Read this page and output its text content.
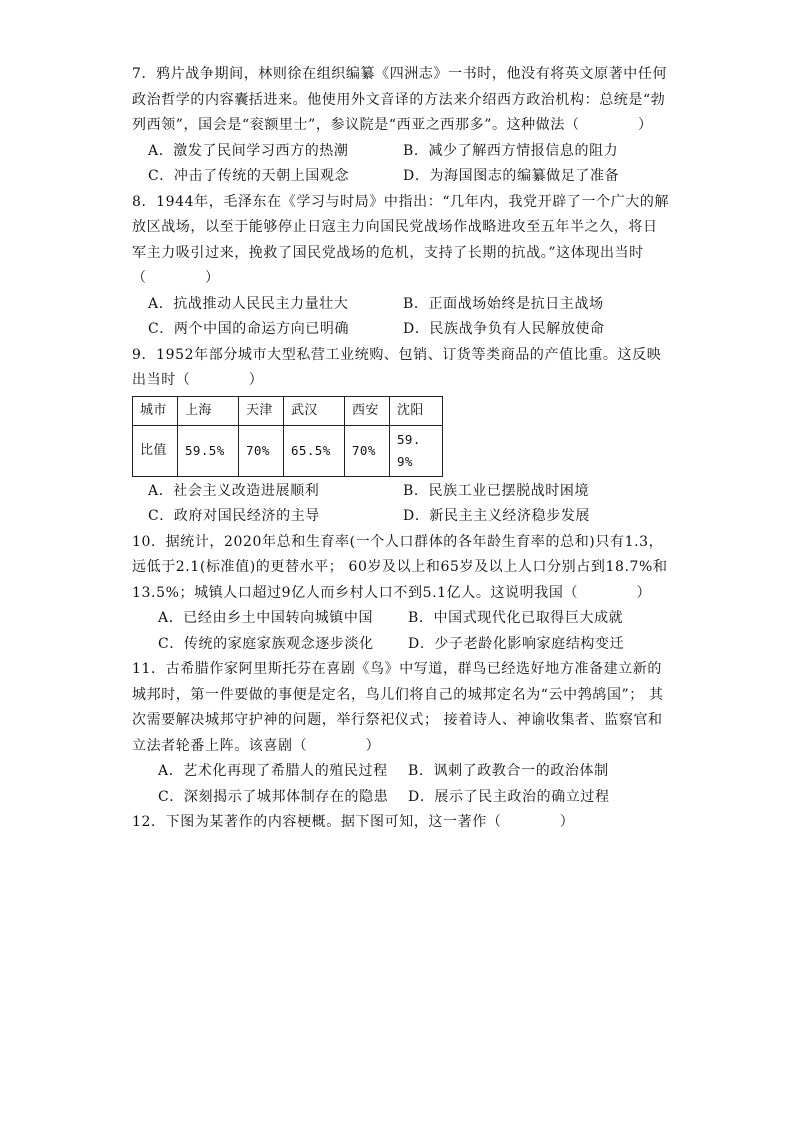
7．鸦片战争期间，林则徐在组织编纂《四洲志》一书时，他没有将英文原著中任何政治哲学的内容囊括进来。他使用外文音译的方法来介绍西方政治机构：总统是“勃列西领”，国会是“衮额里士”，参议院是“西亚之西那多”。这种做法（　　　　）

A．激发了民间学习西方的热潮	B．减少了解西方情报信息的阻力
C．冲击了传统的天朝上国观念	D．为海国图志的编纂做足了准备

8．1944年，毛泽东在《学习与时局》中指出：“几年内，我党开辟了一个广大的解放区战场，以至于能够停止日寇主力向国民党战场作战略进攻至五年半之久，将日军主力吸引过来，挽救了国民党战场的危机，支持了长期的抗战。”这体现出当时（　　　　）

A．抗战推动人民民主力量壮大	B．正面战场始终是抗日主战场
C．两个中国的命运方向已明确	D．民族战争负有人民解放使命

9．1952年部分城市大型私营工业统购、包销、订货等类商品的产值比重。这反映出当时（　　　　）

城市	上海	天津	武汉	西安	沈阳
比值	59.5%	70%	65.5%	70%	59.9%
A．社会主义改造进展顺利	B．民族工业已摆脱战时困境
C．政府对国民经济的主导	D．新民主主义经济稳步发展

10．据统计，2020年总和生育率(一个人口群体的各年龄生育率的总和)只有1.3，远低于2.1(标准值)的更替水平； 60岁及以上和65岁及以上人口分别占到18.7%和13.5%；城镇人口超过9亿人而乡村人口不到5.1亿人。这说明我国（　　　　）

A．已经由乡土中国转向城镇中国	B．中国式现代化已取得巨大成就
C．传统的家庭家族观念逐步淡化	D．少子老龄化影响家庭结构变迁

11．古希腊作家阿里斯托芬在喜剧《鸟》中写道，群鸟已经选好地方准备建立新的城邦时，第一件要做的事便是定名，鸟儿们将自己的城邦定名为“云中鹁鸪国”； 其次需要解决城邦守护神的问题，举行祭祀仪式； 接着诗人、神谕收集者、监察官和立法者轮番上阵。该喜剧（　　　　）

A．艺术化再现了希腊人的殖民过程	B．讽刺了政教合一的政治体制
C．深刻揭示了城邦体制存在的隐患	D．展示了民主政治的确立过程

12．下图为某著作的内容梗概。据下图可知，这一著作（　　　　）
